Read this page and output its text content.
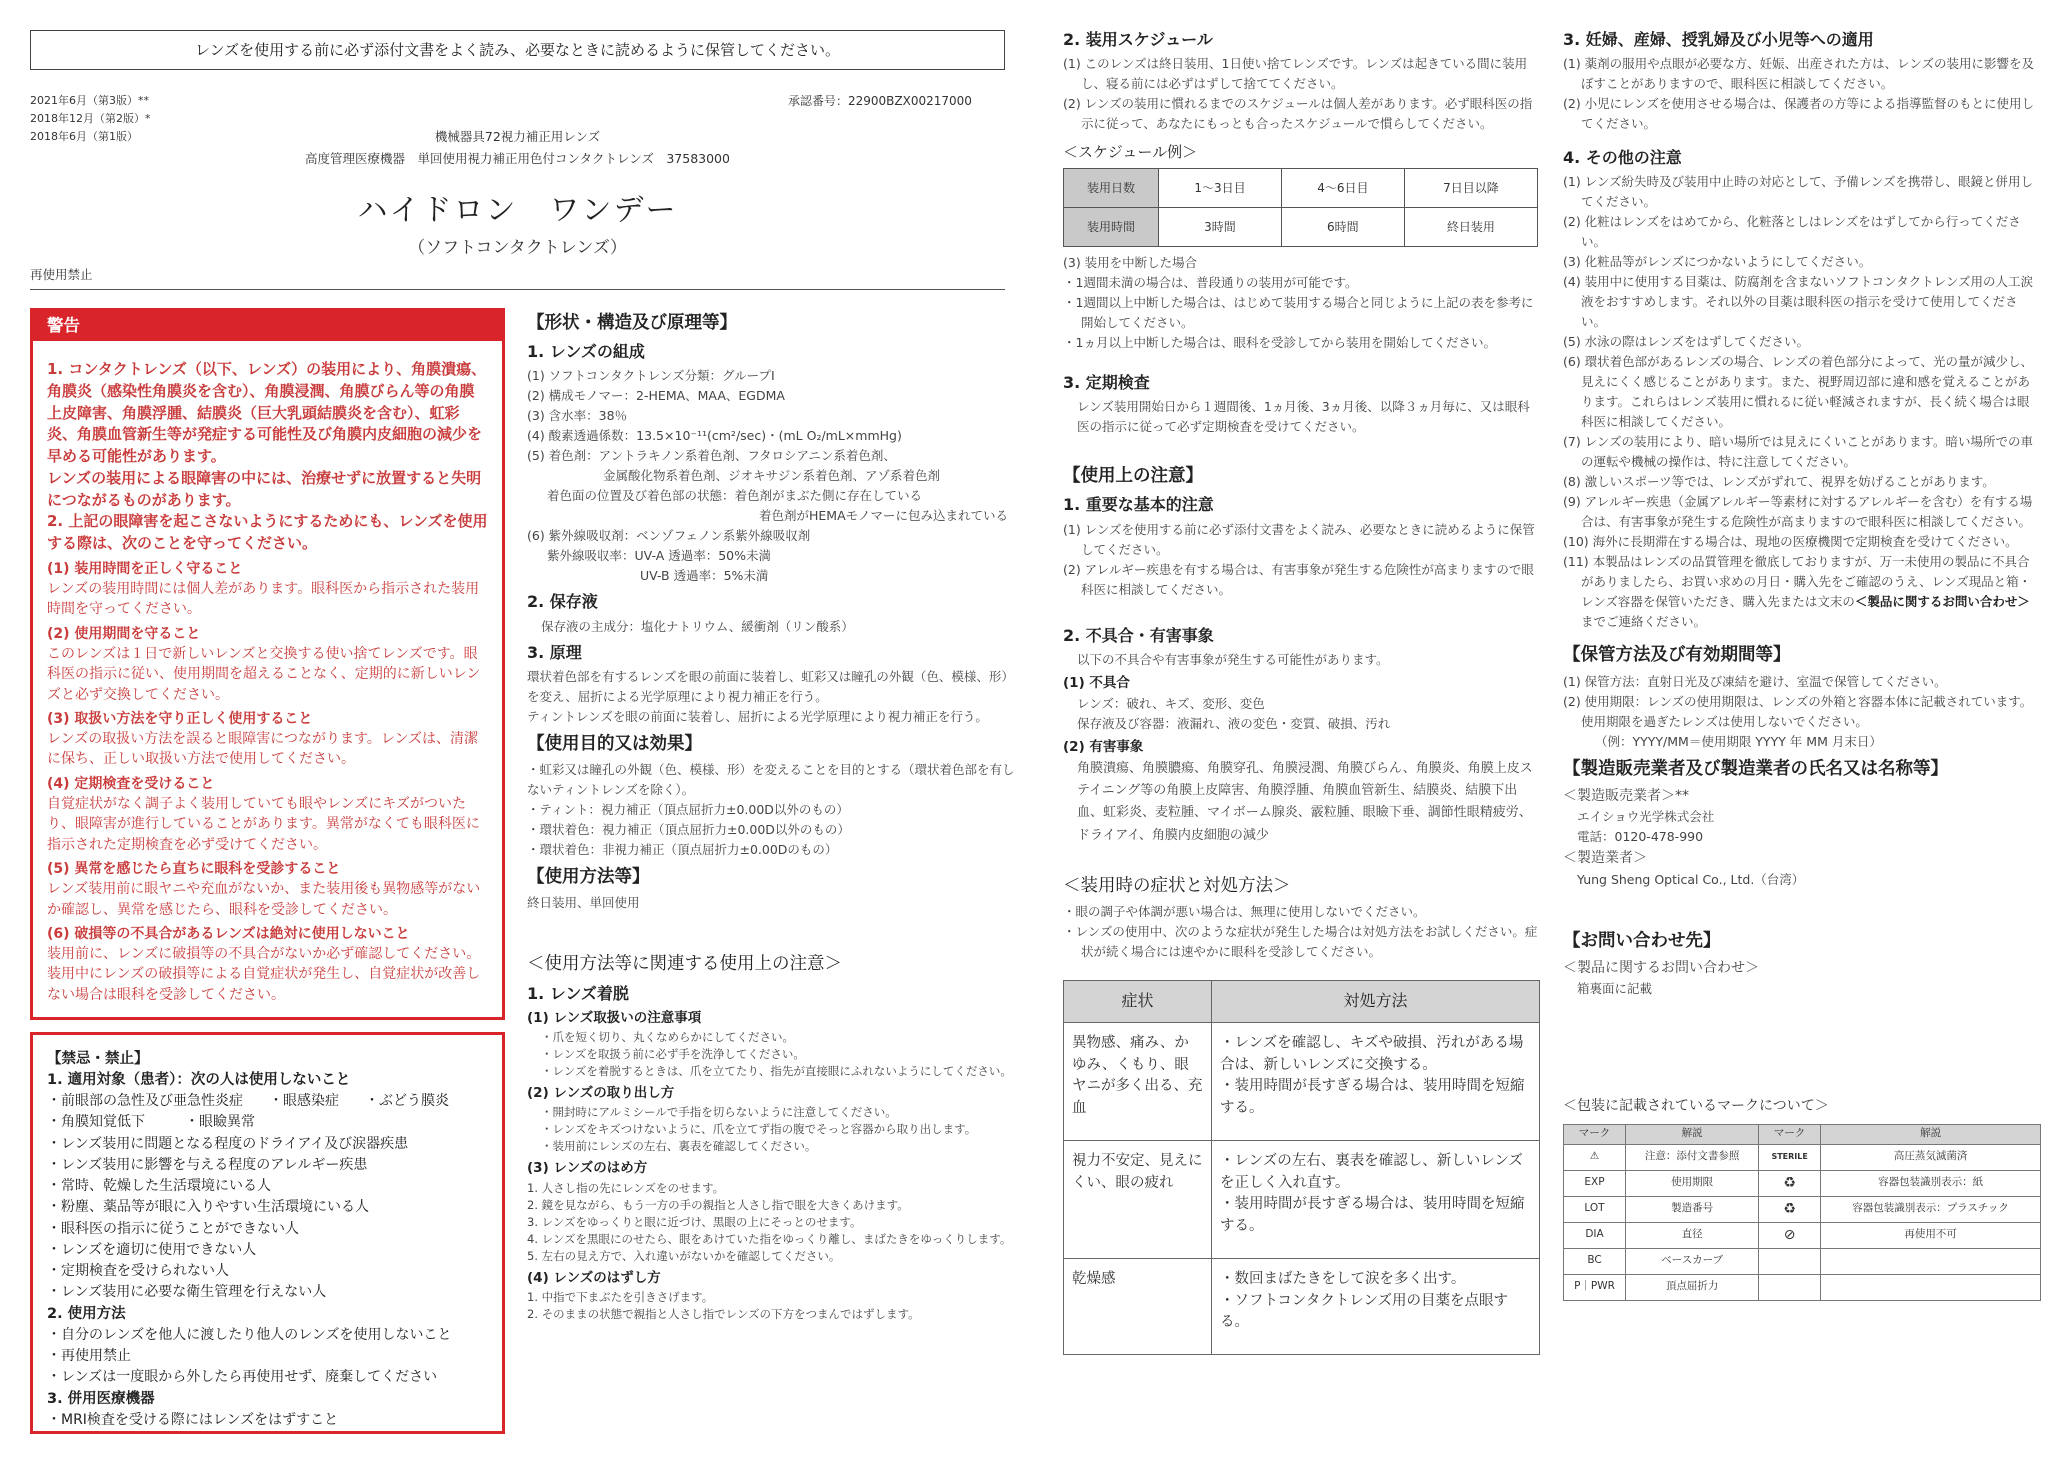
レンズを使用する前に必ず添付文書をよく読み、必要なときに読めるように保管してください。
2021年6月（第3版）**
2018年12月（第2版）*
2018年6月（第1版）
承認番号：22900BZX00217000
機械器具72視力補正用レンズ
高度管理医療機器　単回使用視力補正用色付コンタクトレンズ　37583000
ハイドロン　ワンデー
（ソフトコンタクトレンズ）
再使用禁止
警告
1. コンタクトレンズ（以下、レンズ）の装用により、角膜潰瘍、角膜炎（感染性角膜炎を含む）、角膜浸潤、角膜びらん等の角膜上皮障害、角膜浮腫、結膜炎（巨大乳頭結膜炎を含む）、虹彩炎、角膜血管新生等が発症する可能性及び角膜内皮細胞の減少を早める可能性があります。
レンズの装用による眼障害の中には、治療せずに放置すると失明につながるものがあります。
2. 上記の眼障害を起こさないようにするためにも、レンズを使用する際は、次のことを守ってください。
(1) 装用時間を正しく守ること
レンズの装用時間には個人差があります。眼科医から指示された装用時間を守ってください。
(2) 使用期間を守ること
このレンズは１日で新しいレンズと交換する使い捨てレンズです。眼科医の指示に従い、使用期間を超えることなく、定期的に新しいレンズと必ず交換してください。
(3) 取扱い方法を守り正しく使用すること
レンズの取扱い方法を誤ると眼障害につながります。レンズは、清潔に保ち、正しい取扱い方法で使用してください。
(4) 定期検査を受けること
自覚症状がなく調子よく装用していても眼やレンズにキズがついたり、眼障害が進行していることがあります。異常がなくても眼科医に指示された定期検査を必ず受けてください。
(5) 異常を感じたら直ちに眼科を受診すること
レンズ装用前に眼ヤニや充血がないか、また装用後も異物感等がないか確認し、異常を感じたら、眼科を受診してください。
(6) 破損等の不具合があるレンズは絶対に使用しないこと
装用前に、レンズに破損等の不具合がないか必ず確認してください。装用中にレンズの破損等による自覚症状が発生し、自覚症状が改善しない場合は眼科を受診してください。
【禁忌・禁止】
1. 適用対象（患者）：次の人は使用しないこと
・前眼部の急性及び亜急性炎症 ・眼感染症 ・ぶどう膜炎
・角膜知覚低下	・眼瞼異常
・レンズ装用に問題となる程度のドライアイ及び涙器疾患
・レンズ装用に影響を与える程度のアレルギー疾患
・常時、乾燥した生活環境にいる人
・粉塵、薬品等が眼に入りやすい生活環境にいる人
・眼科医の指示に従うことができない人
・レンズを適切に使用できない人
・定期検査を受けられない人
・レンズ装用に必要な衛生管理を行えない人
2. 使用方法
・自分のレンズを他人に渡したり他人のレンズを使用しないこと
・再使用禁止
・レンズは一度眼から外したら再使用せず、廃棄してください
3. 併用医療機器
・MRI検査を受ける際にはレンズをはずすこと
【形状・構造及び原理等】
1. レンズの組成
(1) ソフトコンタクトレンズ分類：グループⅠ
(2) 構成モノマー：2-HEMA、MAA、EGDMA
(3) 含水率：38％
(4) 酸素透過係数：13.5×10⁻¹¹(cm²/sec)・(mL O₂/mL×mmHg)
(5) 着色剤：アントラキノン系着色剤、フタロシアニン系着色剤、
金属酸化物系着色剤、ジオキサジン系着色剤、アゾ系着色剤
着色面の位置及び着色部の状態：着色剤がまぶた側に存在している
着色剤がHEMAモノマーに包み込まれている
(6) 紫外線吸収剤：ベンゾフェノン系紫外線吸収剤
紫外線吸収率：UV-A 透過率：50%未満
UV-B 透過率：5%未満
2. 保存液
保存液の主成分：塩化ナトリウム、緩衝剤（リン酸系）
3. 原理
環状着色部を有するレンズを眼の前面に装着し、虹彩又は瞳孔の外観（色、模様、形）を変え、屈折による光学原理により視力補正を行う。
ティントレンズを眼の前面に装着し、屈折による光学原理により視力補正を行う。
【使用目的又は効果】
・虹彩又は瞳孔の外観（色、模様、形）を変えることを目的とする（環状着色部を有しないティントレンズを除く）。
・ティント：視力補正（頂点屈折力±0.00D以外のもの）
・環状着色：視力補正（頂点屈折力±0.00D以外のもの）
・環状着色：非視力補正（頂点屈折力±0.00Dのもの）
【使用方法等】
終日装用、単回使用
＜使用方法等に関連する使用上の注意＞
1. レンズ着脱
(1) レンズ取扱いの注意事項
・爪を短く切り、丸くなめらかにしてください。
・レンズを取扱う前に必ず手を洗浄してください。
・レンズを着脱するときは、爪を立てたり、指先が直接眼にふれないようにしてください。
(2) レンズの取り出し方
・開封時にアルミシールで手指を切らないように注意してください。
・レンズをキズつけないように、爪を立てず指の腹でそっと容器から取り出します。
・装用前にレンズの左右、裏表を確認してください。
(3) レンズのはめ方
1. 人さし指の先にレンズをのせます。
2. 鏡を見ながら、もう一方の手の親指と人さし指で眼を大きくあけます。
3. レンズをゆっくりと眼に近づけ、黒眼の上にそっとのせます。
4. レンズを黒眼にのせたら、眼をあけていた指をゆっくり離し、まばたきをゆっくりします。
5. 左右の見え方で、入れ違いがないかを確認してください。
(4) レンズのはずし方
1. 中指で下まぶたを引きさげます。
2. そのままの状態で親指と人さし指でレンズの下方をつまんではずします。
2. 装用スケジュール
(1) このレンズは終日装用、1日使い捨てレンズです。レンズは起きている間に装用し、寝る前には必ずはずして捨ててください。
(2) レンズの装用に慣れるまでのスケジュールは個人差があります。必ず眼科医の指示に従って、あなたにもっとも合ったスケジュールで慣らしてください。
＜スケジュール例＞
装用日数	1〜3日目	4〜6日目	7日目以降
装用時間	3時間	6時間	終日装用
(3) 装用を中断した場合
・1週間未満の場合は、普段通りの装用が可能です。
・1週間以上中断した場合は、はじめて装用する場合と同じように上記の表を参考に開始してください。
・1ヵ月以上中断した場合は、眼科を受診してから装用を開始してください。
3. 定期検査
レンズ装用開始日から１週間後、1ヵ月後、3ヵ月後、以降３ヵ月毎に、又は眼科医の指示に従って必ず定期検査を受けてください。
【使用上の注意】
1. 重要な基本的注意
(1) レンズを使用する前に必ず添付文書をよく読み、必要なときに読めるように保管してください。
(2) アレルギー疾患を有する場合は、有害事象が発生する危険性が高まりますので眼科医に相談してください。
2. 不具合・有害事象
以下の不具合や有害事象が発生する可能性があります。
(1) 不具合
レンズ：破れ、キズ、変形、変色
保存液及び容器：液漏れ、液の変色・変質、破損、汚れ
(2) 有害事象
角膜潰瘍、角膜膿瘍、角膜穿孔、角膜浸潤、角膜びらん、角膜炎、角膜上皮ステイニング等の角膜上皮障害、角膜浮腫、角膜血管新生、結膜炎、結膜下出血、虹彩炎、麦粒腫、マイボーム腺炎、霰粒腫、眼瞼下垂、調節性眼精疲労、ドライアイ、角膜内皮細胞の減少
＜装用時の症状と対処方法＞
・眼の調子や体調が悪い場合は、無理に使用しないでください。
・レンズの使用中、次のような症状が発生した場合は対処方法をお試しください。症状が続く場合には速やかに眼科を受診してください。
症状	対処方法
異物感、痛み、かゆみ、くもり、眼ヤニが多く出る、充血	・レンズを確認し、キズや破損、汚れがある場合は、新しいレンズに交換する。
・装用時間が長すぎる場合は、装用時間を短縮する。
視力不安定、見えにくい、眼の疲れ	・レンズの左右、裏表を確認し、新しいレンズを正しく入れ直す。
・装用時間が長すぎる場合は、装用時間を短縮する。
乾燥感	・数回まばたきをして涙を多く出す。
・ソフトコンタクトレンズ用の目薬を点眼する。
3. 妊婦、産婦、授乳婦及び小児等への適用
(1) 薬剤の服用や点眼が必要な方、妊娠、出産された方は、レンズの装用に影響を及ぼすことがありますので、眼科医に相談してください。
(2) 小児にレンズを使用させる場合は、保護者の方等による指導監督のもとに使用してください。
4. その他の注意
(1) レンズ紛失時及び装用中止時の対応として、予備レンズを携帯し、眼鏡と併用してください。
(2) 化粧はレンズをはめてから、化粧落としはレンズをはずしてから行ってください。
(3) 化粧品等がレンズにつかないようにしてください。
(4) 装用中に使用する目薬は、防腐剤を含まないソフトコンタクトレンズ用の人工涙液をおすすめします。それ以外の目薬は眼科医の指示を受けて使用してください。
(5) 水泳の際はレンズをはずしてください。
(6) 環状着色部があるレンズの場合、レンズの着色部分によって、光の量が減少し、見えにくく感じることがあります。また、視野周辺部に違和感を覚えることがあります。これらはレンズ装用に慣れるに従い軽減されますが、長く続く場合は眼科医に相談してください。
(7) レンズの装用により、暗い場所では見えにくいことがあります。暗い場所での車の運転や機械の操作は、特に注意してください。
(8) 激しいスポーツ等では、レンズがずれて、視界を妨げることがあります。
(9) アレルギー疾患（金属アレルギー等素材に対するアレルギーを含む）を有する場合は、有害事象が発生する危険性が高まりますので眼科医に相談してください。
(10) 海外に長期滞在する場合は、現地の医療機関で定期検査を受けてください。
(11) 本製品はレンズの品質管理を徹底しておりますが、万一未使用の製品に不具合がありましたら、お買い求めの月日・購入先をご確認のうえ、レンズ現品と箱・レンズ容器を保管いただき、購入先または文末の＜製品に関するお問い合わせ＞までご連絡ください。
【保管方法及び有効期間等】
(1) 保管方法：直射日光及び凍結を避け、室温で保管してください。
(2) 使用期限：レンズの使用期限は、レンズの外箱と容器本体に記載されています。使用期限を過ぎたレンズは使用しないでください。
（例：YYYY/MM＝使用期限 YYYY 年 MM 月末日）
【製造販売業者及び製造業者の氏名又は名称等】
＜製造販売業者＞**
エイショウ光学株式会社
電話：0120-478-990
＜製造業者＞
Yung Sheng Optical Co., Ltd.（台湾）
【お問い合わせ先】
＜製品に関するお問い合わせ＞
箱裏面に記載
＜包装に記載されているマークについて＞
マーク	解説	マーク	解説
⚠	注意：添付文書参照	STERILE	高圧蒸気滅菌済
EXP	使用期限	♻	容器包装識別表示：紙
LOT	製造番号	♻	容器包装識別表示：プラスチック
DIA	直径	⊘	再使用不可
BC	ベースカーブ		
P｜PWR	頂点屈折力		
